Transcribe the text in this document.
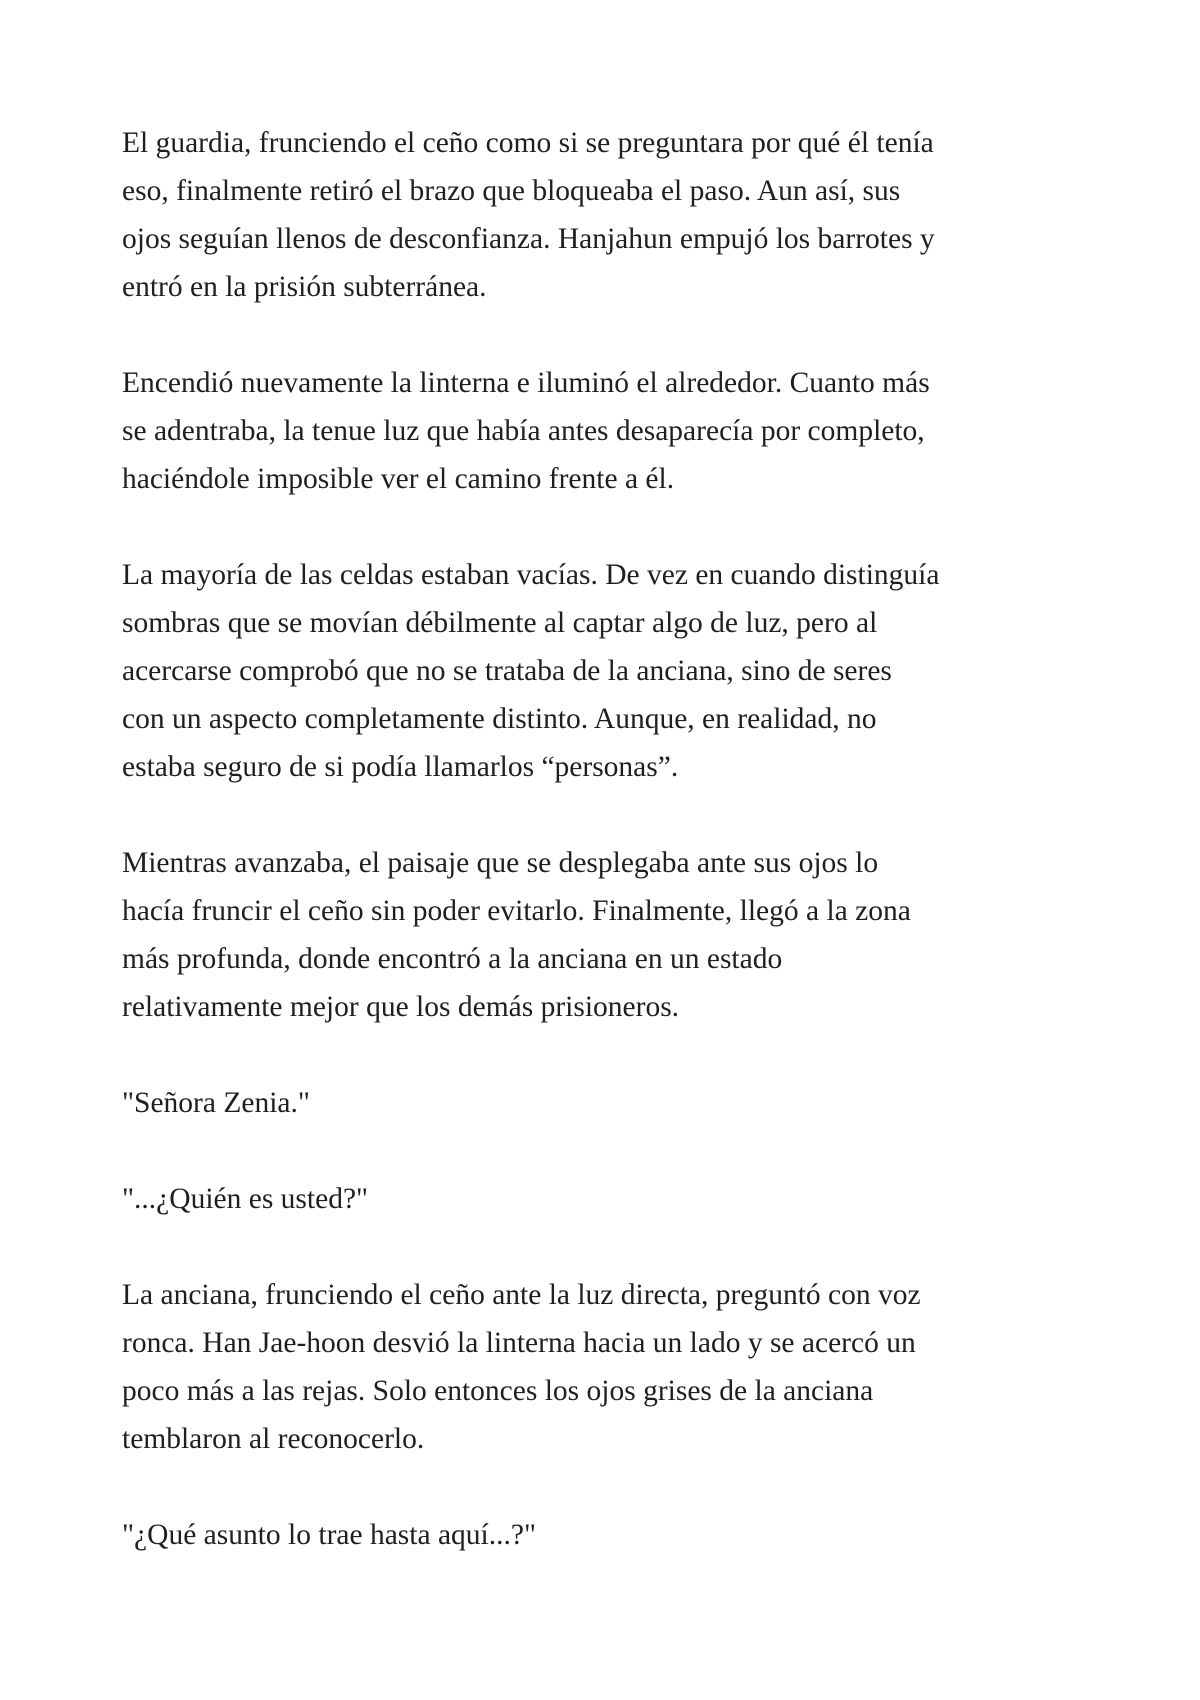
El guardia, frunciendo el ceño como si se preguntara por qué él tenía
eso, finalmente retiró el brazo que bloqueaba el paso. Aun así, sus
ojos seguían llenos de desconfianza. Hanjahun empujó los barrotes y
entró en la prisión subterránea.

Encendió nuevamente la linterna e iluminó el alrededor. Cuanto más
se adentraba, la tenue luz que había antes desaparecía por completo,
haciéndole imposible ver el camino frente a él.

La mayoría de las celdas estaban vacías. De vez en cuando distinguía
sombras que se movían débilmente al captar algo de luz, pero al
acercarse comprobó que no se trataba de la anciana, sino de seres
con un aspecto completamente distinto. Aunque, en realidad, no
estaba seguro de si podía llamarlos “personas”.

Mientras avanzaba, el paisaje que se desplegaba ante sus ojos lo
hacía fruncir el ceño sin poder evitarlo. Finalmente, llegó a la zona
más profunda, donde encontró a la anciana en un estado
relativamente mejor que los demás prisioneros.

"Señora Zenia."

"...¿Quién es usted?"

La anciana, frunciendo el ceño ante la luz directa, preguntó con voz
ronca. Han Jae-hoon desvió la linterna hacia un lado y se acercó un
poco más a las rejas. Solo entonces los ojos grises de la anciana
temblaron al reconocerlo.

"¿Qué asunto lo trae hasta aquí...?"
